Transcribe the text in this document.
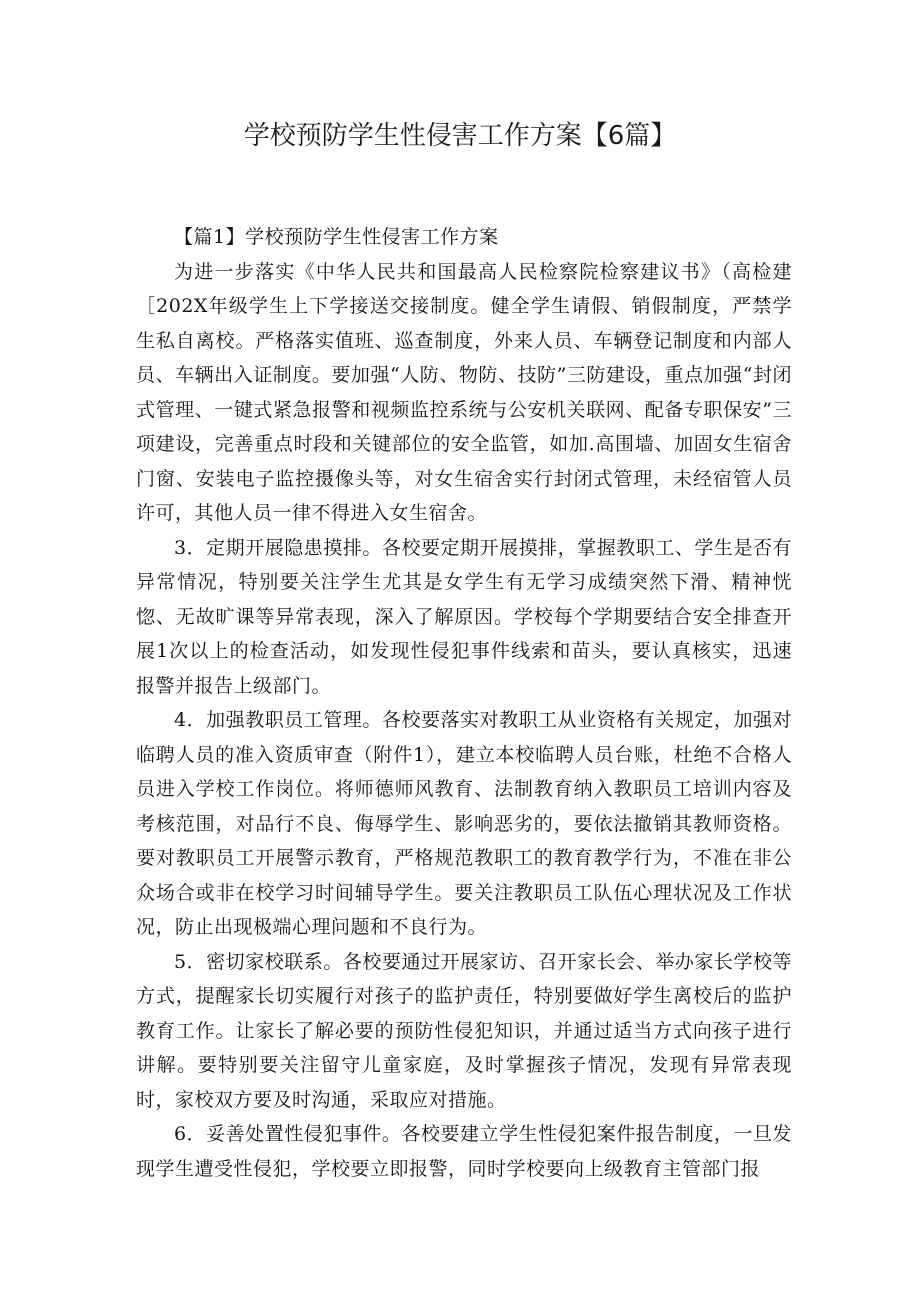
学校预防学生性侵害工作方案【6篇】

【篇1】学校预防学生性侵害工作方案

为进一步落实《中华人民共和国最高人民检察院检察建议书》（高检建［202X年级学生上下学接送交接制度。健全学生请假、销假制度，严禁学生私自离校。严格落实值班、巡查制度，外来人员、车辆登记制度和内部人员、车辆出入证制度。要加强“人防、物防、技防”三防建设，重点加强“封闭式管理、一键式紧急报警和视频监控系统与公安机关联网、配备专职保安”三项建设，完善重点时段和关键部位的安全监管，如加.高围墙、加固女生宿舍门窗、安装电子监控摄像头等，对女生宿舍实行封闭式管理，未经宿管人员许可，其他人员一律不得进入女生宿舍。

3．定期开展隐患摸排。各校要定期开展摸排，掌握教职工、学生是否有异常情况，特别要关注学生尤其是女学生有无学习成绩突然下滑、精神恍惚、无故旷课等异常表现，深入了解原因。学校每个学期要结合安全排查开展1次以上的检查活动，如发现性侵犯事件线索和苗头，要认真核实，迅速报警并报告上级部门。

4．加强教职员工管理。各校要落实对教职工从业资格有关规定，加强对临聘人员的准入资质审查（附件1），建立本校临聘人员台账，杜绝不合格人员进入学校工作岗位。将师德师风教育、法制教育纳入教职员工培训内容及考核范围，对品行不良、侮辱学生、影响恶劣的，要依法撤销其教师资格。要对教职员工开展警示教育，严格规范教职工的教育教学行为，不准在非公众场合或非在校学习时间辅导学生。要关注教职员工队伍心理状况及工作状况，防止出现极端心理问题和不良行为。

5．密切家校联系。各校要通过开展家访、召开家长会、举办家长学校等方式，提醒家长切实履行对孩子的监护责任，特别要做好学生离校后的监护教育工作。让家长了解必要的预防性侵犯知识，并通过适当方式向孩子进行讲解。要特别要关注留守儿童家庭，及时掌握孩子情况，发现有异常表现时，家校双方要及时沟通，采取应对措施。

6．妥善处置性侵犯事件。各校要建立学生性侵犯案件报告制度，一旦发现学生遭受性侵犯，学校要立即报警，同时学校要向上级教育主管部门报
